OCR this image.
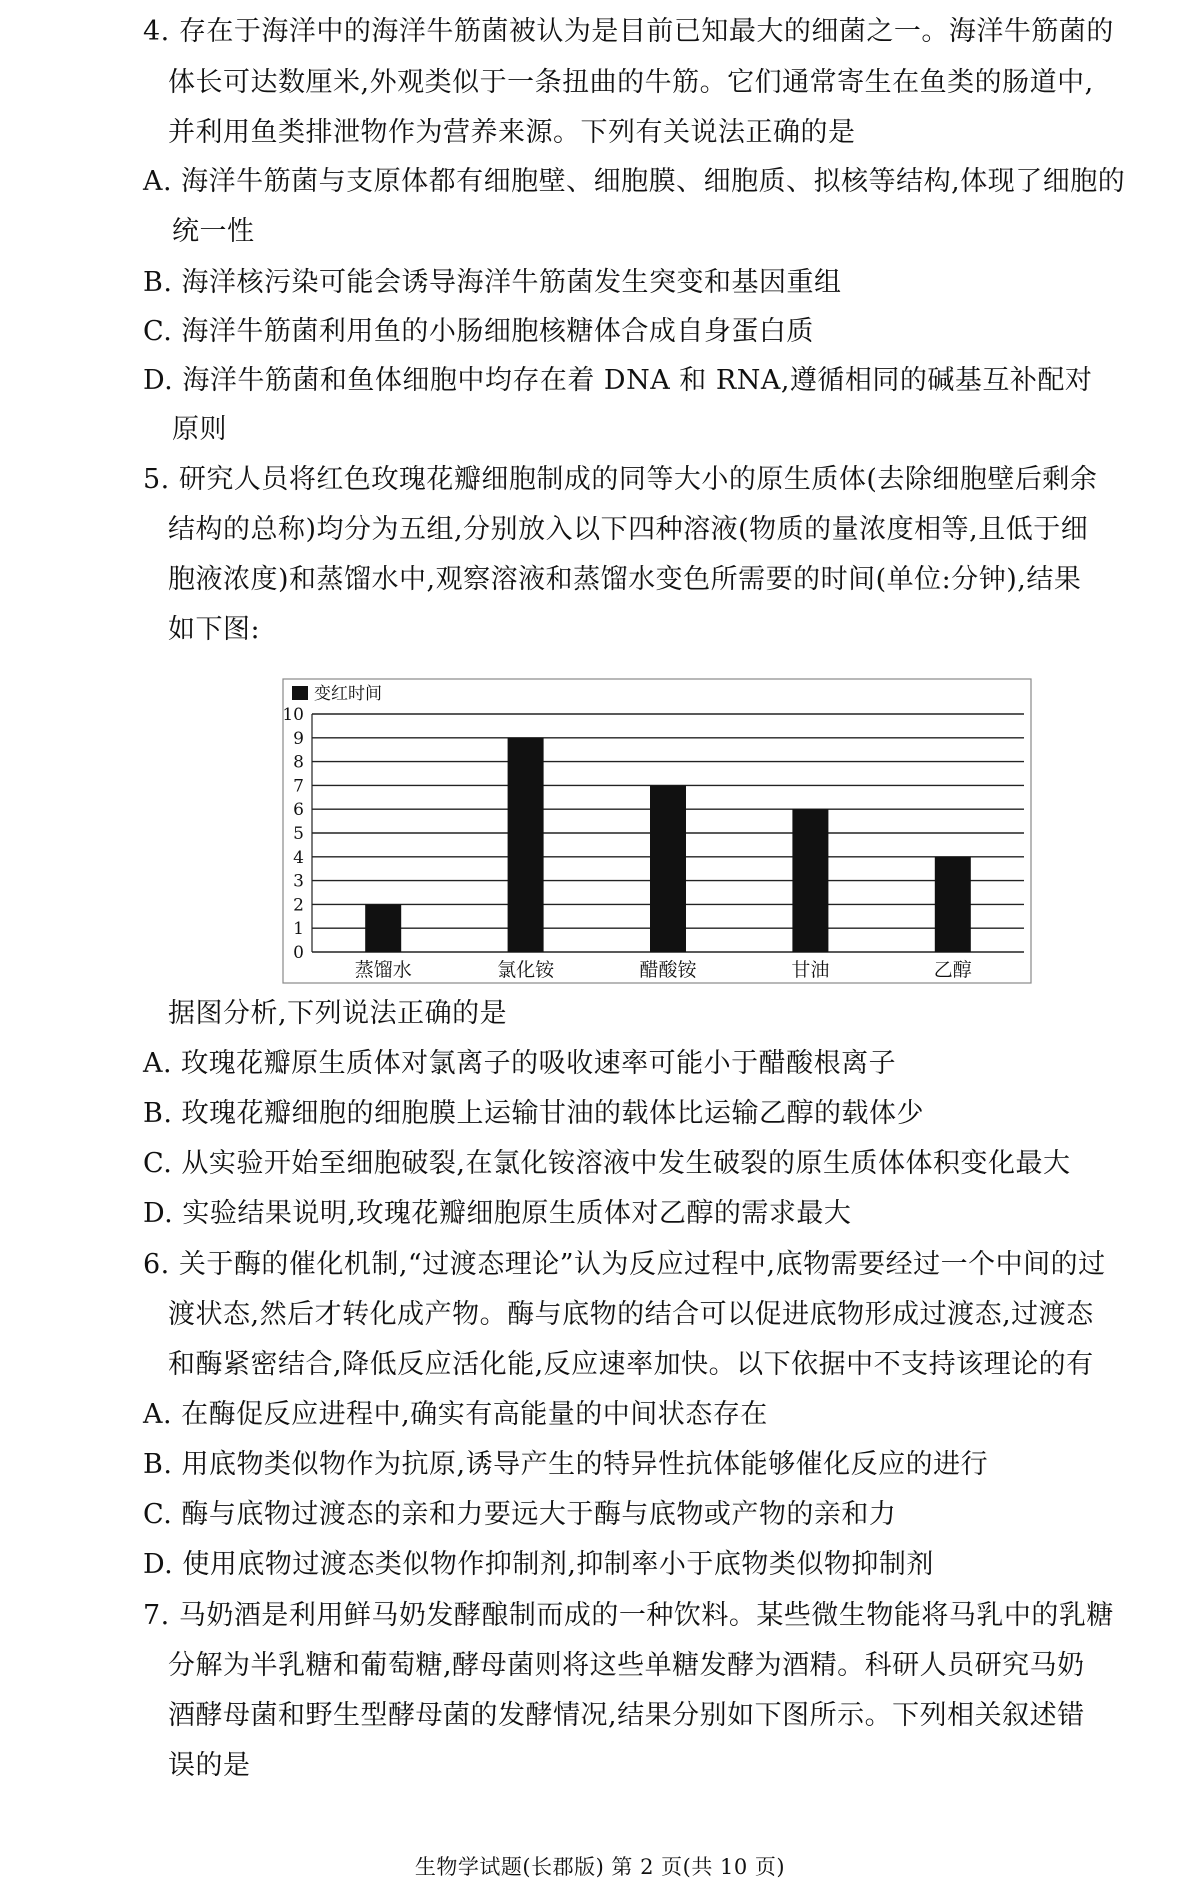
4. 存在于海洋中的海洋牛筋菌被认为是目前已知最大的细菌之一。海洋牛筋菌的
体长可达数厘米,外观类似于一条扭曲的牛筋。它们通常寄生在鱼类的肠道中,
并利用鱼类排泄物作为营养来源。下列有关说法正确的是
A. 海洋牛筋菌与支原体都有细胞壁、细胞膜、细胞质、拟核等结构,体现了细胞的
统一性
B. 海洋核污染可能会诱导海洋牛筋菌发生突变和基因重组
C. 海洋牛筋菌利用鱼的小肠细胞核糖体合成自身蛋白质
D. 海洋牛筋菌和鱼体细胞中均存在着 DNA 和 RNA,遵循相同的碱基互补配对
原则
5. 研究人员将红色玫瑰花瓣细胞制成的同等大小的原生质体(去除细胞壁后剩余
结构的总称)均分为五组,分别放入以下四种溶液(物质的量浓度相等,且低于细
胞液浓度)和蒸馏水中,观察溶液和蒸馏水变色所需要的时间(单位:分钟),结果
如下图:
变红时间
0
1
2
3
4
5
6
7
8
9
10
蒸馏水	氯化铵	醋酸铵	甘油	乙醇
据图分析,下列说法正确的是
A. 玫瑰花瓣原生质体对氯离子的吸收速率可能小于醋酸根离子
B. 玫瑰花瓣细胞的细胞膜上运输甘油的载体比运输乙醇的载体少
C. 从实验开始至细胞破裂,在氯化铵溶液中发生破裂的原生质体体积变化最大
D. 实验结果说明,玫瑰花瓣细胞原生质体对乙醇的需求最大
6. 关于酶的催化机制,“过渡态理论”认为反应过程中,底物需要经过一个中间的过
渡状态,然后才转化成产物。酶与底物的结合可以促进底物形成过渡态,过渡态
和酶紧密结合,降低反应活化能,反应速率加快。以下依据中不支持该理论的有
A. 在酶促反应进程中,确实有高能量的中间状态存在
B. 用底物类似物作为抗原,诱导产生的特异性抗体能够催化反应的进行
C. 酶与底物过渡态的亲和力要远大于酶与底物或产物的亲和力
D. 使用底物过渡态类似物作抑制剂,抑制率小于底物类似物抑制剂
7. 马奶酒是利用鲜马奶发酵酿制而成的一种饮料。某些微生物能将马乳中的乳糖
分解为半乳糖和葡萄糖,酵母菌则将这些单糖发酵为酒精。科研人员研究马奶
酒酵母菌和野生型酵母菌的发酵情况,结果分别如下图所示。下列相关叙述错
误的是
生物学试题(长郡版) 第 2 页(共 10 页)
